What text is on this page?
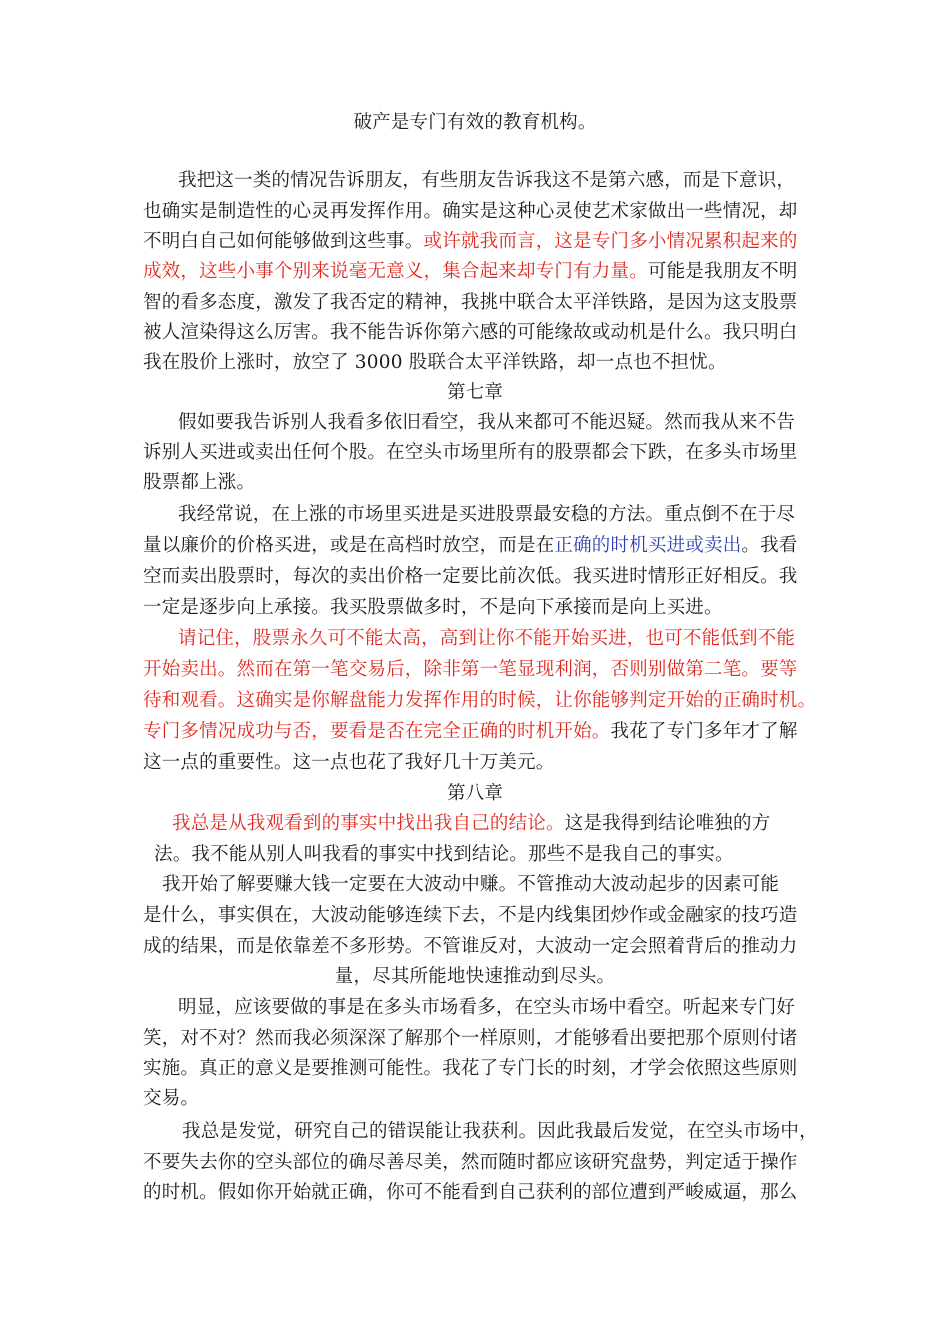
破产是专门有效的教育机构。
我把这一类的情况告诉朋友，有些朋友告诉我这不是第六感，而是下意识，
也确实是制造性的心灵再发挥作用。确实是这种心灵使艺术家做出一些情况，却
不明白自己如何能够做到这些事。或许就我而言，这是专门多小情况累积起来的
成效，这些小事个别来说毫无意义，集合起来却专门有力量。可能是我朋友不明
智的看多态度，激发了我否定的精神，我挑中联合太平洋铁路，是因为这支股票
被人渲染得这么厉害。我不能告诉你第六感的可能缘故或动机是什么。我只明白
我在股价上涨时，放空了 3000 股联合太平洋铁路，却一点也不担忧。
第七章
假如要我告诉别人我看多依旧看空，我从来都可不能迟疑。然而我从来不告
诉别人买进或卖出任何个股。在空头市场里所有的股票都会下跌，在多头市场里
股票都上涨。
我经常说，在上涨的市场里买进是买进股票最安稳的方法。重点倒不在于尽
量以廉价的价格买进，或是在高档时放空，而是在正确的时机买进或卖出。我看
空而卖出股票时，每次的卖出价格一定要比前次低。我买进时情形正好相反。我
一定是逐步向上承接。我买股票做多时，不是向下承接而是向上买进。
请记住，股票永久可不能太高，高到让你不能开始买进，也可不能低到不能
开始卖出。然而在第一笔交易后，除非第一笔显现利润，否则别做第二笔。要等
待和观看。这确实是你解盘能力发挥作用的时候，让你能够判定开始的正确时机。
专门多情况成功与否，要看是否在完全正确的时机开始。我花了专门多年才了解
这一点的重要性。这一点也花了我好几十万美元。
第八章
我总是从我观看到的事实中找出我自己的结论。这是我得到结论唯独的方
法。我不能从别人叫我看的事实中找到结论。那些不是我自己的事实。
我开始了解要赚大钱一定要在大波动中赚。不管推动大波动起步的因素可能
是什么，事实俱在，大波动能够连续下去，不是内线集团炒作或金融家的技巧造
成的结果，而是依靠差不多形势。不管谁反对，大波动一定会照着背后的推动力
量，尽其所能地快速推动到尽头。
明显，应该要做的事是在多头市场看多，在空头市场中看空。听起来专门好
笑，对不对？然而我必须深深了解那个一样原则，才能够看出要把那个原则付诸
实施。真正的意义是要推测可能性。我花了专门长的时刻，才学会依照这些原则
交易。
我总是发觉，研究自己的错误能让我获利。因此我最后发觉，在空头市场中，
不要失去你的空头部位的确尽善尽美，然而随时都应该研究盘势，判定适于操作
的时机。假如你开始就正确，你可不能看到自己获利的部位遭到严峻威逼，那么
